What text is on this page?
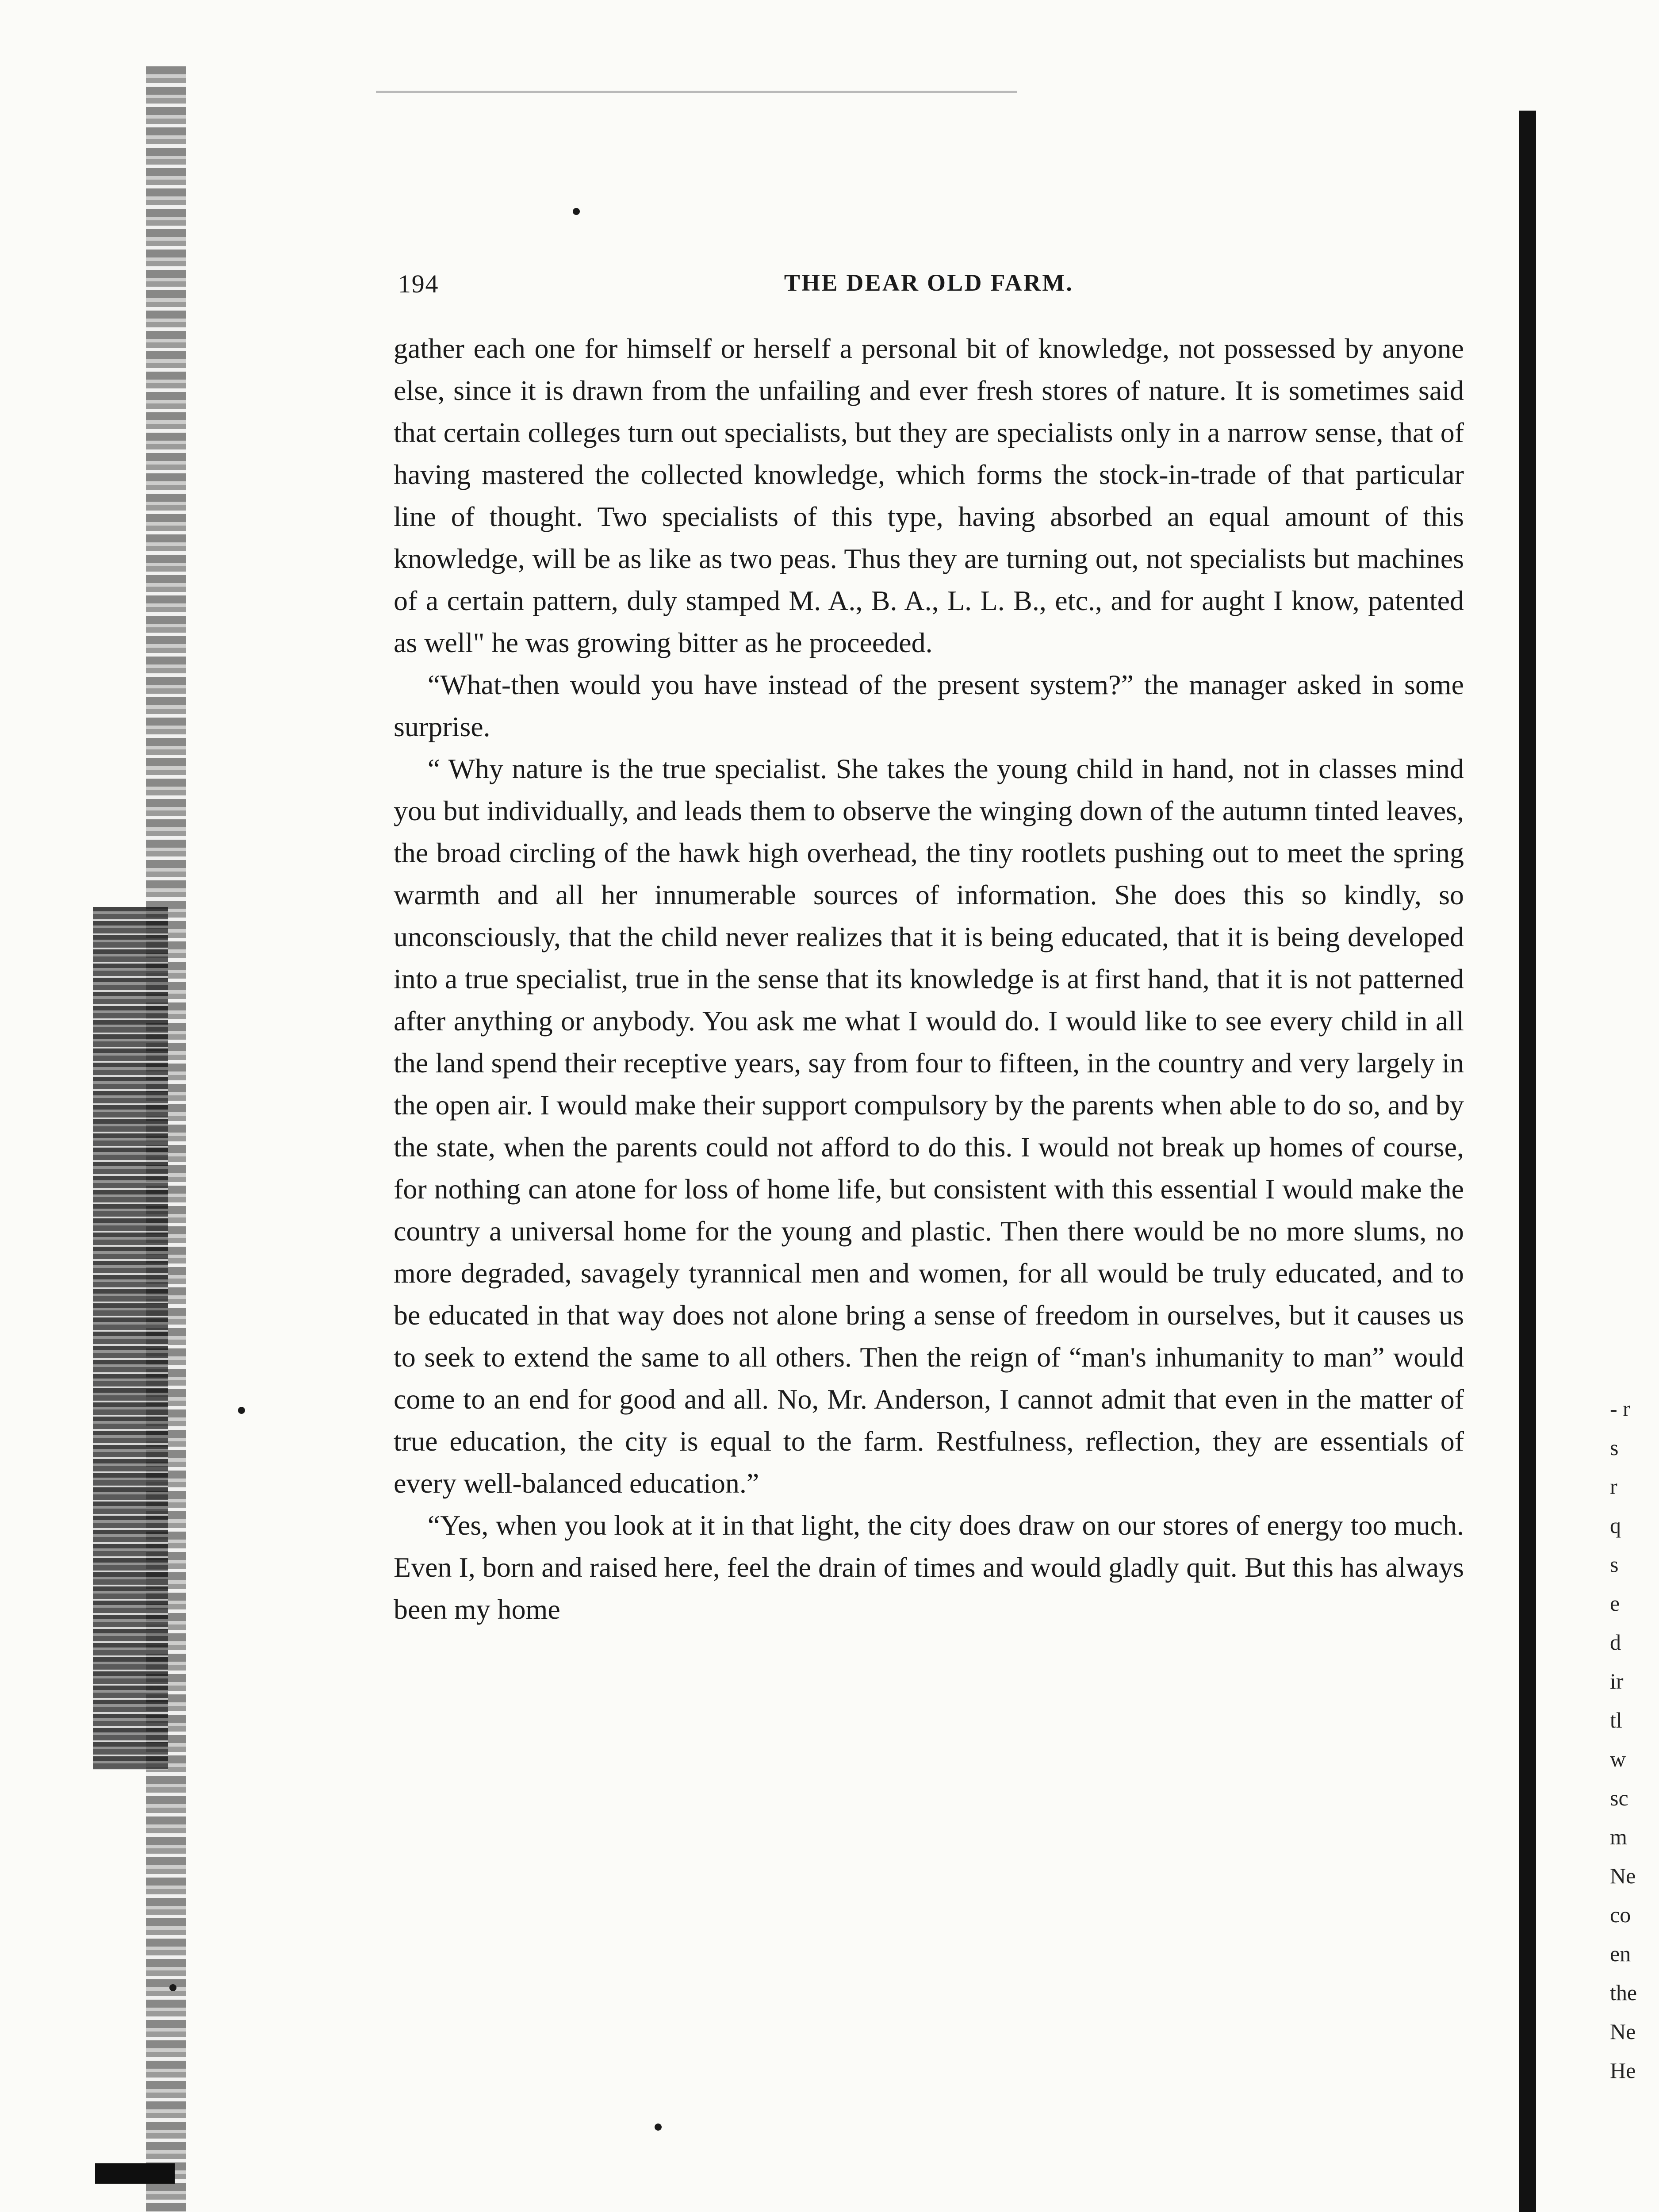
194	THE DEAR OLD FARM.

gather each one for himself or herself a personal bit of knowledge, not possessed by anyone else, since it is drawn from the unfailing and ever fresh stores of nature. It is sometimes said that certain colleges turn out specialists, but they are specialists only in a narrow sense, that of having mastered the collected knowledge, which forms the stock-in-trade of that particular line of thought. Two specialists of this type, having absorbed an equal amount of this knowledge, will be as like as two peas. Thus they are turning out, not specialists but machines of a certain pattern, duly stamped M. A., B. A., L. L. B., etc., and for aught I know, patented as well" he was growing bitter as he proceeded.

“What-then would you have instead of the present system?” the manager asked in some surprise.

“ Why nature is the true specialist. She takes the young child in hand, not in classes mind you but individually, and leads them to observe the winging down of the autumn tinted leaves, the broad circling of the hawk high overhead, the tiny rootlets pushing out to meet the spring warmth and all her innumerable sources of information. She does this so kindly, so unconsciously, that the child never realizes that it is being educated, that it is being developed into a true specialist, true in the sense that its knowledge is at first hand, that it is not patterned after anything or anybody. You ask me what I would do. I would like to see every child in all the land spend their receptive years, say from four to fifteen, in the country and very largely in the open air. I would make their support compulsory by the parents when able to do so, and by the state, when the parents could not afford to do this. I would not break up homes of course, for nothing can atone for loss of home life, but consistent with this essential I would make the country a universal home for the young and plastic. Then there would be no more slums, no more degraded, savagely tyrannical men and women, for all would be truly educated, and to be educated in that way does not alone bring a sense of freedom in ourselves, but it causes us to seek to extend the same to all others. Then the reign of “man's inhumanity to man” would come to an end for good and all. No, Mr. Anderson, I cannot admit that even in the matter of true education, the city is equal to the farm. Restfulness, reflection, they are essentials of every well-balanced education.”

“Yes, when you look at it in that light, the city does draw on our stores of energy too much. Even I, born and raised here, feel the drain of times and would gladly quit. But this has always been my home

- r
s
r
q
s
e
d
ir
tl
w
sc
m
Ne
co
en
the
Ne
He
